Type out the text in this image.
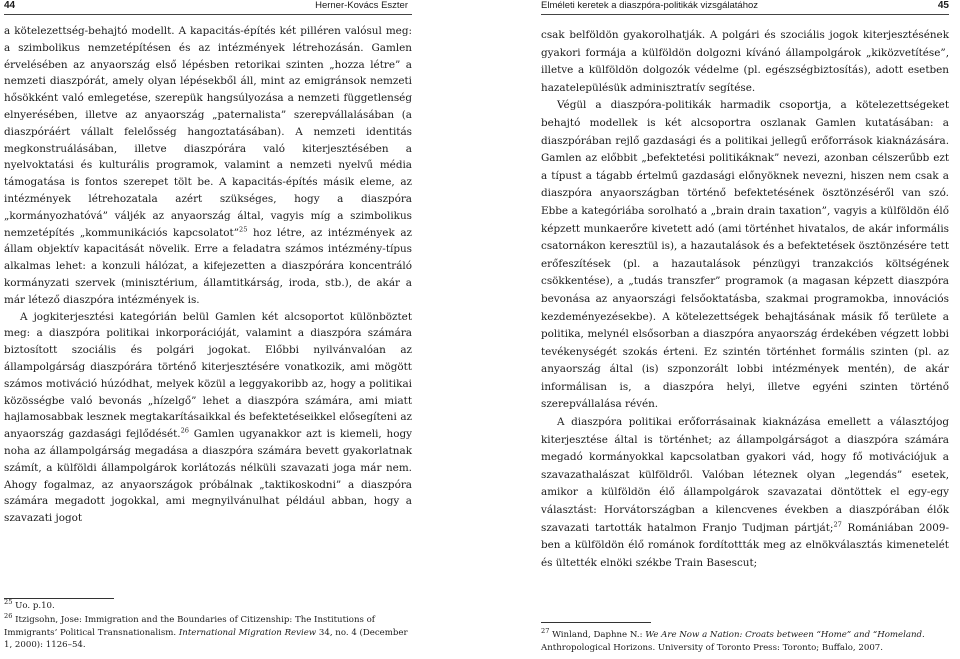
44	Herner-Kovács Eszter

a kötelezettség-behajtó modellt. A kapacitás-építés két pilléren valósul meg: a szimbolikus nemzetépítésen és az intézmények létrehozásán. Gamlen érvelésében az anyaország első lépésben retorikai szinten „hozza létre” a nemzeti diaszpórát, amely olyan lépésekből áll, mint az emigránsok nemzeti hősökként való emlegetése, szerepük hangsúlyozása a nemzeti függetlenség elnyerésében, illetve az anyaország „paternalista” szerepvállalásában (a diaszpóráért vállalt felelősség hangoztatásában). A nemzeti identitás megkonstruálásában, illetve diaszpórára való kiterjesztésében a nyelvoktatási és kulturális programok, valamint a nemzeti nyelvű média támogatása is fontos szerepet tölt be. A kapacitás-építés másik eleme, az intézmények létrehozatala azért szükséges, hogy a diaszpóra „kormányozhatóvá” váljék az anyaország által, vagyis míg a szimbolikus nemzetépítés „kommunikációs kapcsolatot”$^{25}$ hoz létre, az intézmények az állam objektív kapacitását növelik. Erre a feladatra számos intézmény-típus alkalmas lehet: a konzuli hálózat, a kifejezetten a diaszpórára koncentráló kormányzati szervek (minisztérium, államtitkárság, iroda, stb.), de akár a már létező diaszpóra intézmények is.

A jogkiterjesztési kategórián belül Gamlen két alcsoportot különböztet meg: a diaszpóra politikai inkorporációját, valamint a diaszpóra számára biztosított szociális és polgári jogokat. Előbbi nyilvánvalóan az állampolgárság diaszpórára történő kiterjesztésére vonatkozik, ami mögött számos motiváció húzódhat, melyek közül a leggyakoribb az, hogy a politikai közösségbe való bevonás „hízelgő” lehet a diaszpóra számára, ami miatt hajlamosabbak lesznek megtakarításaikkal és befektetéseikkel elősegíteni az anyaország gazdasági fejlődését.$^{26}$ Gamlen ugyanakkor azt is kiemeli, hogy noha az állampolgárság megadása a diaszpóra számára bevett gyakorlatnak számít, a külföldi állampolgárok korlátozás nélküli szavazati joga már nem. Ahogy fogalmaz, az anyaországok próbálnak „taktikoskodni” a diaszpóra számára megadott jogokkal, ami megnyilvánulhat például abban, hogy a szavazati jogot

$^{25}$ Uo. p.10.
$^{26}$ Itzigsohn, Jose: Immigration and the Boundaries of Citizenship: The Institutions of Immigrants’ Political Transnationalism. International Migration Review 34, no. 4 (December 1, 2000): 1126–54.
Elméleti keretek a diaszpóra-politikák vizsgálatához	45

csak belföldön gyakorolhatják. A polgári és szociális jogok kiterjesztésének gyakori formája a külföldön dolgozni kívánó állampolgárok „kiközvetítése”, illetve a külföldön dolgozók védelme (pl. egészségbiztosítás), adott esetben hazatelepülésük adminisztratív segítése.

Végül a diaszpóra-politikák harmadik csoportja, a kötelezettségeket behajtó modellek is két alcsoportra oszlanak Gamlen kutatásában: a diaszpórában rejlő gazdasági és a politikai jellegű erőforrások kiaknázására. Gamlen az előbbit „befektetési politikáknak” nevezi, azonban célszerűbb ezt a típust a tágabb értelmű gazdasági előnyöknek nevezni, hiszen nem csak a diaszpóra anyaországban történő befektetésének ösztönzéséről van szó. Ebbe a kategóriába sorolható a „brain drain taxation”, vagyis a külföldön élő képzett munkaerőre kivetett adó (ami történhet hivatalos, de akár informális csatornákon keresztül is), a hazautalások és a befektetések ösztönzésére tett erőfeszítések (pl. a hazautalások pénzügyi tranzakciós költségének csökkentése), a „tudás transzfer” programok (a magasan képzett diaszpóra bevonása az anyaországi felsőoktatásba, szakmai programokba, innovációs kezdeményezésekbe). A kötelezettségek behajtásának másik fő területe a politika, melynél elsősorban a diaszpóra anyaország érdekében végzett lobbi tevékenységét szokás érteni. Ez szintén történhet formális szinten (pl. az anyaország által (is) szponzorált lobbi intézmények mentén), de akár informálisan is, a diaszpóra helyi, illetve egyéni szinten történő szerepvállalása révén.

A diaszpóra politikai erőforrásainak kiaknázása emellett a választójog kiterjesztése által is történhet; az állampolgárságot a diaszpóra számára megadó kormányokkal kapcsolatban gyakori vád, hogy fő motivációjuk a szavazathalászat külföldről. Valóban léteznek olyan „legendás” esetek, amikor a külföldön élő állampolgárok szavazatai döntöttek el egy-egy választást: Horvátországban a kilencvenes években a diaszpórában élők szavazati tartották hatalmon Franjo Tudjman pártját;$^{27}$ Romániában 2009-ben a külföldön élő románok fordítottták meg az elnökválasztás kimenetelét és ültették elnöki székbe Train Basescut;

$^{27}$ Winland, Daphne N.: We Are Now a Nation: Croats between “Home” and “Homeland. Anthropological Horizons. University of Toronto Press: Toronto; Buffalo, 2007.
